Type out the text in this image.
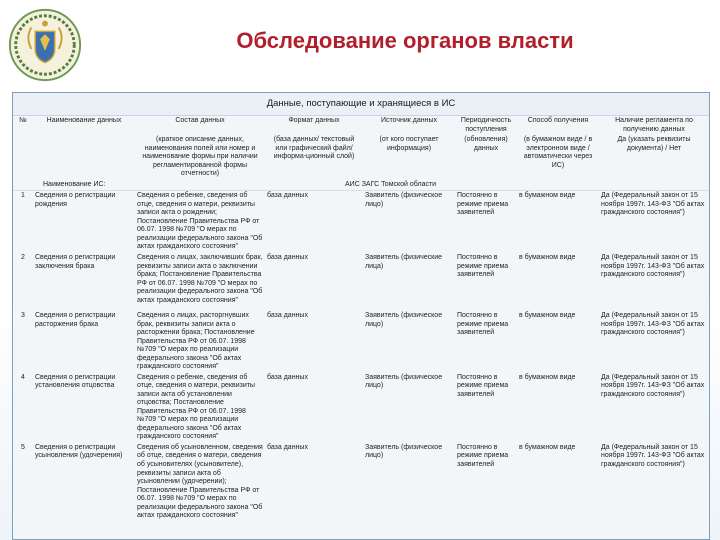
Обследование органов власти
Данные, поступающие и хранящиеся в ИС
№	Наименование данных	Состав данных	Формат данных	Источник данных	Периодичность поступления	Способ получения	Наличие регламента по получению данных
		(краткое описание данных, наименования полей или номер и наименование формы при наличии регламентированной формы отчетности)	(база данных/ текстовый или графический файл/ информа-ционный слой)	(от кого поступает информация)	(обновления) данных	(в бумажном виде / в электронном виде / автоматически через ИС)	Да (указать реквизиты документа) / Нет
Наименование ИС:			АИС ЗАГС Томской области				
1	Сведения о регистрации рождения	Сведения о ребенке, сведения об отце, сведения о матери, реквизиты записи акта о рождении; Постановление Правительства РФ от 06.07. 1998 №709 "О мерах по реализации федерального закона "Об актах гражданского состояния"	база данных	Заявитель (физическое лицо)	Постоянно в режиме приема заявителей	в бумажном виде	Да (Федеральный закон от 15 ноября 1997г. 143-ФЗ "Об актах гражданского состояния")
2	Сведения о регистрации заключения брака	Сведения о лицах, заключивших брак, реквизиты записи акта о заключении брака; Постановление Правительства РФ от 06.07. 1998 №709 "О мерах по реализации федерального закона "Об актах гражданского состояния"	база данных	Заявитель (физические лица)	Постоянно в режиме приема заявителей	в бумажном виде	Да (Федеральный закон от 15 ноября 1997г. 143-ФЗ "Об актах гражданского состояния")
3	Сведения о регистрации расторжения брака	Сведения о лицах, расторгнувших брак, реквизиты записи акта о расторжении брака; Постановление Правительства РФ от 06.07. 1998 №709 "О мерах по реализации федерального закона "Об актах гражданского состояния"	база данных	Заявитель (физическое лицо)	Постоянно в режиме приема заявителей	в бумажном виде	Да (Федеральный закон от 15 ноября 1997г. 143-ФЗ "Об актах гражданского состояния")
4	Сведения о регистрации установления отцовства	Сведения о ребенке, сведения об отце, сведения о матери, реквизиты записи акта об установлении отцовства; Постановление Правительства РФ от 06.07. 1998 №709 "О мерах по реализации федерального закона "Об актах гражданского состояния"	база данных	Заявитель (физическое лицо)	Постоянно в режиме приема заявителей	в бумажном виде	Да (Федеральный закон от 15 ноября 1997г. 143-ФЗ "Об актах гражданского состояния")
5	Сведения о регистрации усыновления (удочерения)	Сведения об усыновленном, сведения об отце, сведения о матери, сведения об усыновителях (усыновителе), реквизиты записи акта об усыновлении (удочерении); Постановление Правительства РФ от 06.07. 1998 №709 "О мерах по реализации федерального закона "Об актах гражданского состояния"	база данных	Заявитель (физическое лицо)	Постоянно в режиме приема заявителей	в бумажном виде	Да (Федеральный закон от 15 ноября 1997г. 143-ФЗ "Об актах гражданского состояния")
